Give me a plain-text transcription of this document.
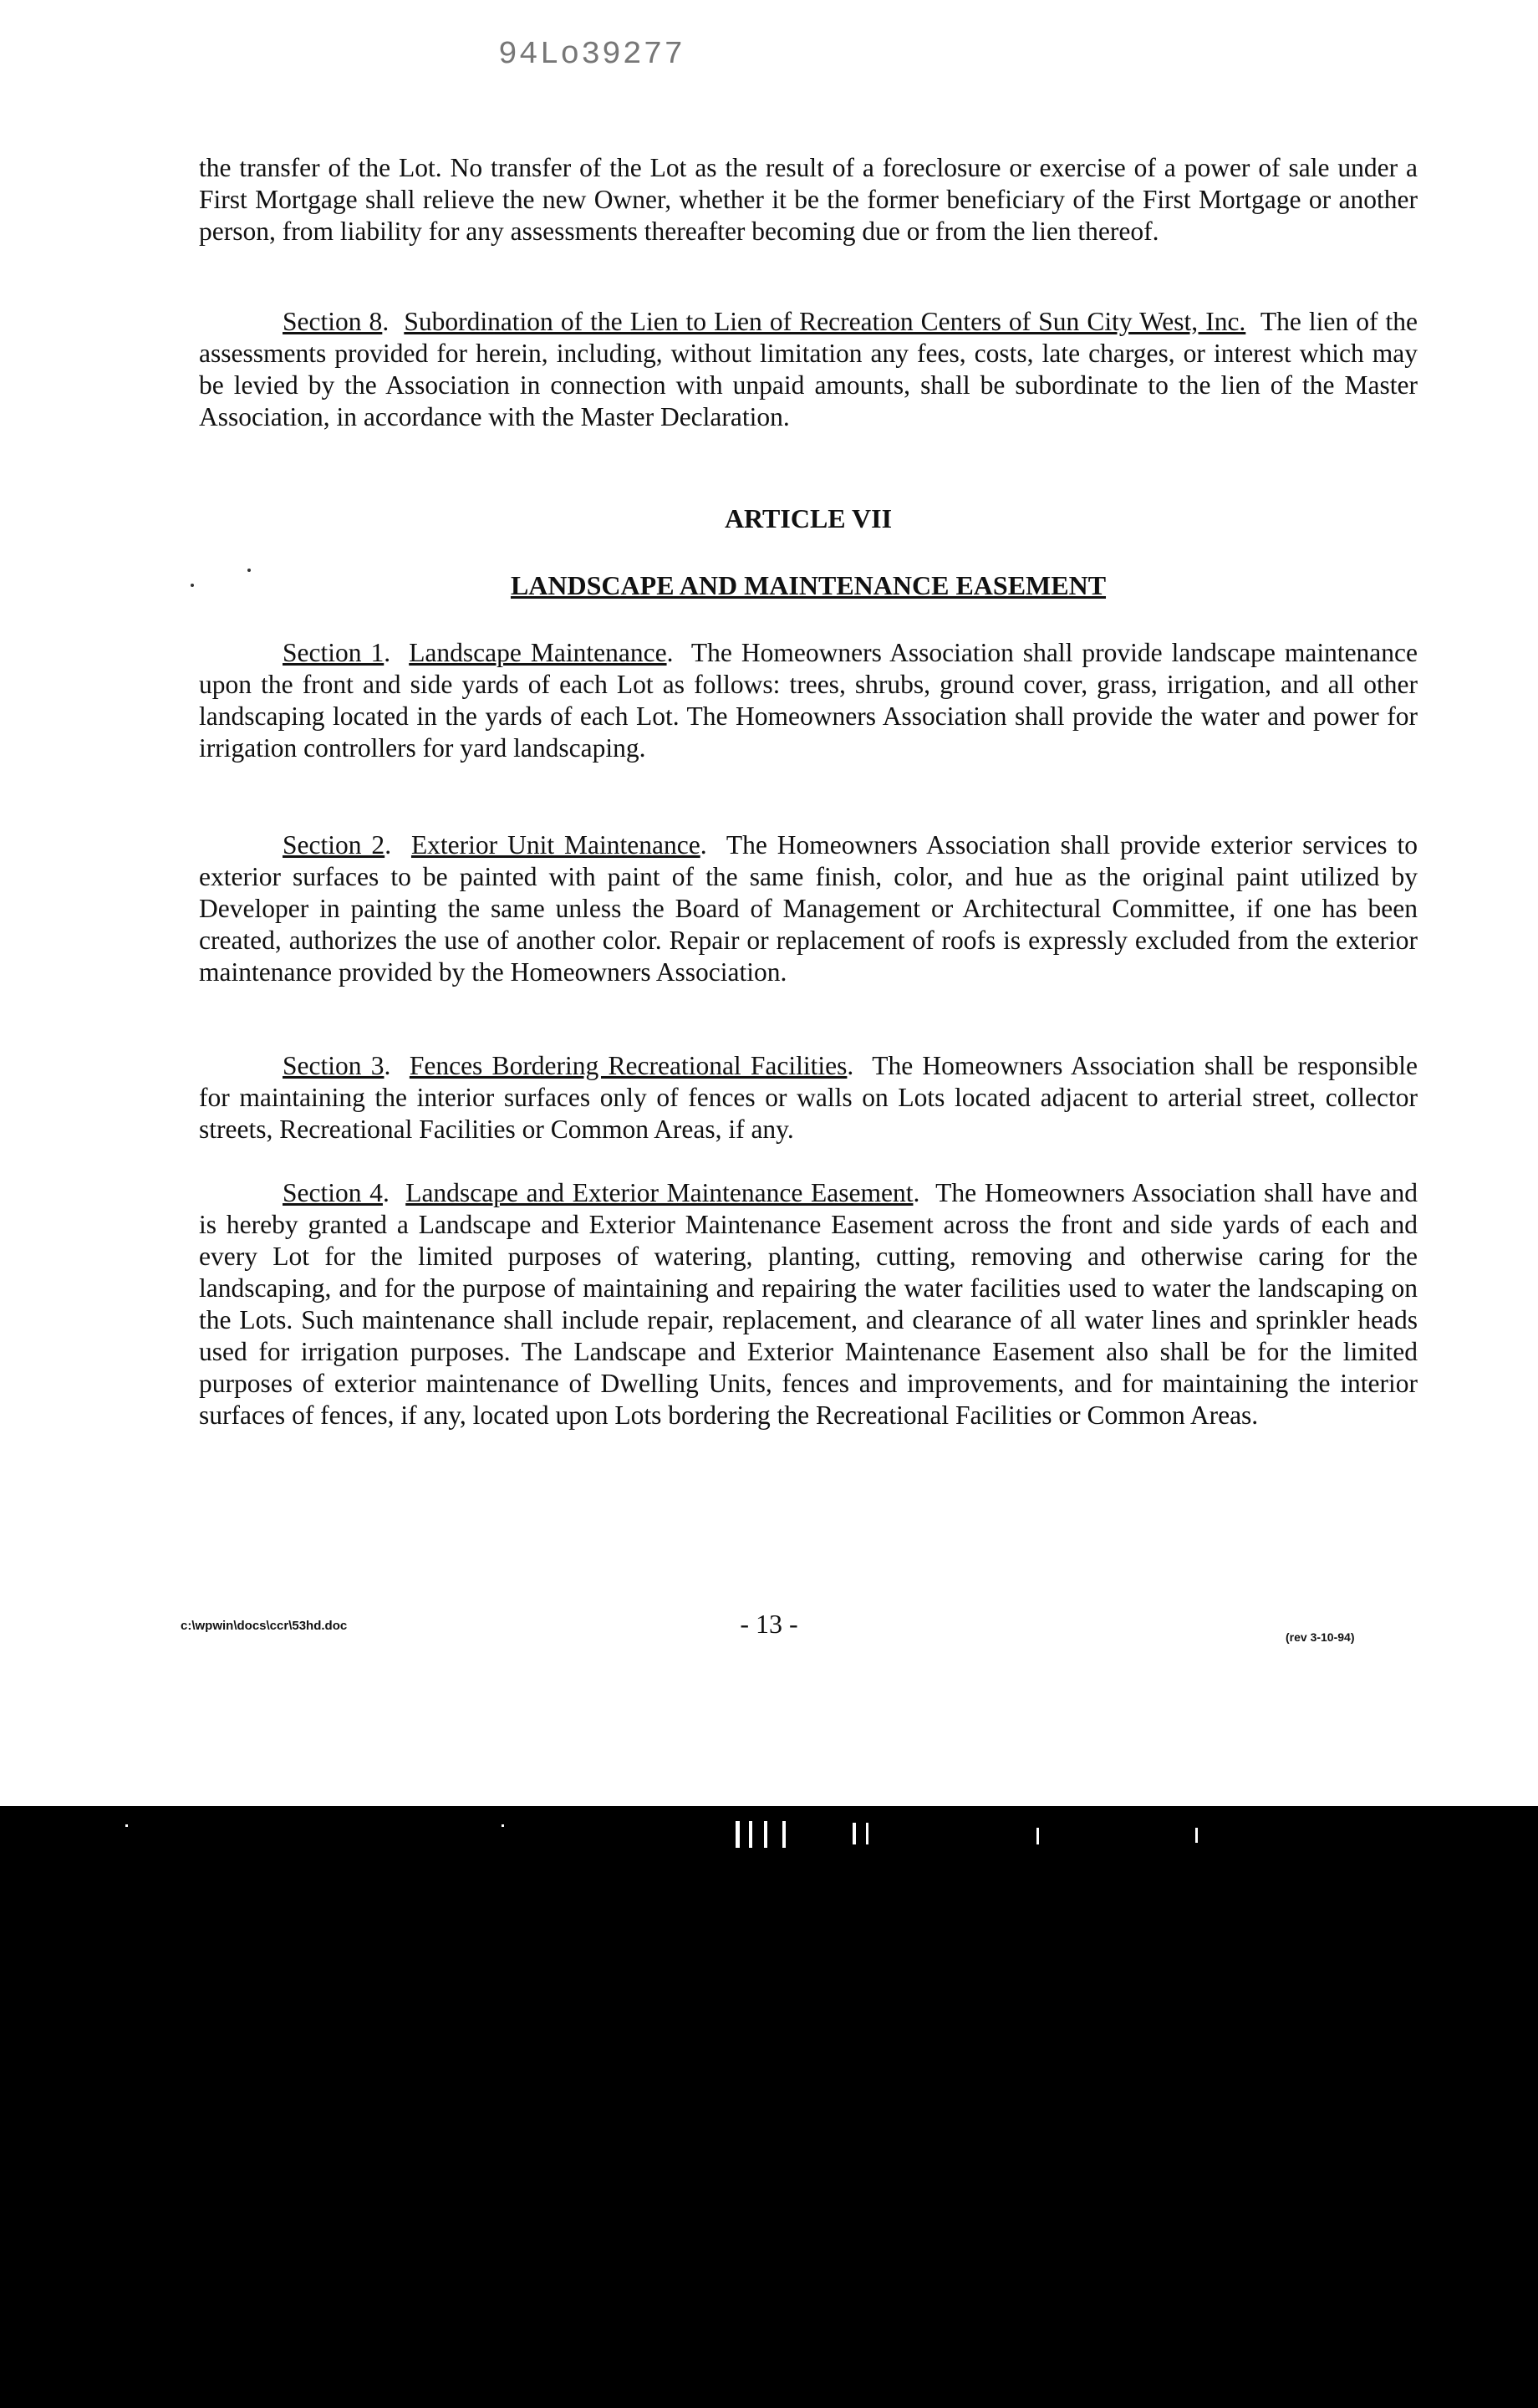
94Lo39277

the transfer of the Lot. No transfer of the Lot as the result of a foreclosure or exercise of a power of sale under a First Mortgage shall relieve the new Owner, whether it be the former beneficiary of the First Mortgage or another person, from liability for any assessments thereafter becoming due or from the lien thereof.

Section 8.  Subordination of the Lien to Lien of Recreation Centers of Sun City West, Inc. The lien of the assessments provided for herein, including, without limitation any fees, costs, late charges, or interest which may be levied by the Association in connection with unpaid amounts, shall be subordinate to the lien of the Master Association, in accordance with the Master Declaration.

ARTICLE VII

LANDSCAPE AND MAINTENANCE EASEMENT

Section 1.  Landscape Maintenance.  The Homeowners Association shall provide landscape maintenance upon the front and side yards of each Lot as follows: trees, shrubs, ground cover, grass, irrigation, and all other landscaping located in the yards of each Lot. The Homeowners Association shall provide the water and power for irrigation controllers for yard landscaping.

Section 2.  Exterior Unit Maintenance.  The Homeowners Association shall provide exterior services to exterior surfaces to be painted with paint of the same finish, color, and hue as the original paint utilized by Developer in painting the same unless the Board of Management or Architectural Committee, if one has been created, authorizes the use of another color. Repair or replacement of roofs is expressly excluded from the exterior maintenance provided by the Homeowners Association.

Section 3.  Fences Bordering Recreational Facilities.  The Homeowners Association shall be responsible for maintaining the interior surfaces only of fences or walls on Lots located adjacent to arterial street, collector streets, Recreational Facilities or Common Areas, if any.

Section 4.  Landscape and Exterior Maintenance Easement.  The Homeowners Association shall have and is hereby granted a Landscape and Exterior Maintenance Easement across the front and side yards of each and every Lot for the limited purposes of watering, planting, cutting, removing and otherwise caring for the landscaping, and for the purpose of maintaining and repairing the water facilities used to water the landscaping on the Lots. Such maintenance shall include repair, replacement, and clearance of all water lines and sprinkler heads used for irrigation purposes. The Landscape and Exterior Maintenance Easement also shall be for the limited purposes of exterior maintenance of Dwelling Units, fences and improvements, and for maintaining the interior surfaces of fences, if any, located upon Lots bordering the Recreational Facilities or Common Areas.

c:\wpwin\docs\ccr\53hd.doc	- 13 -	(rev 3-10-94)
